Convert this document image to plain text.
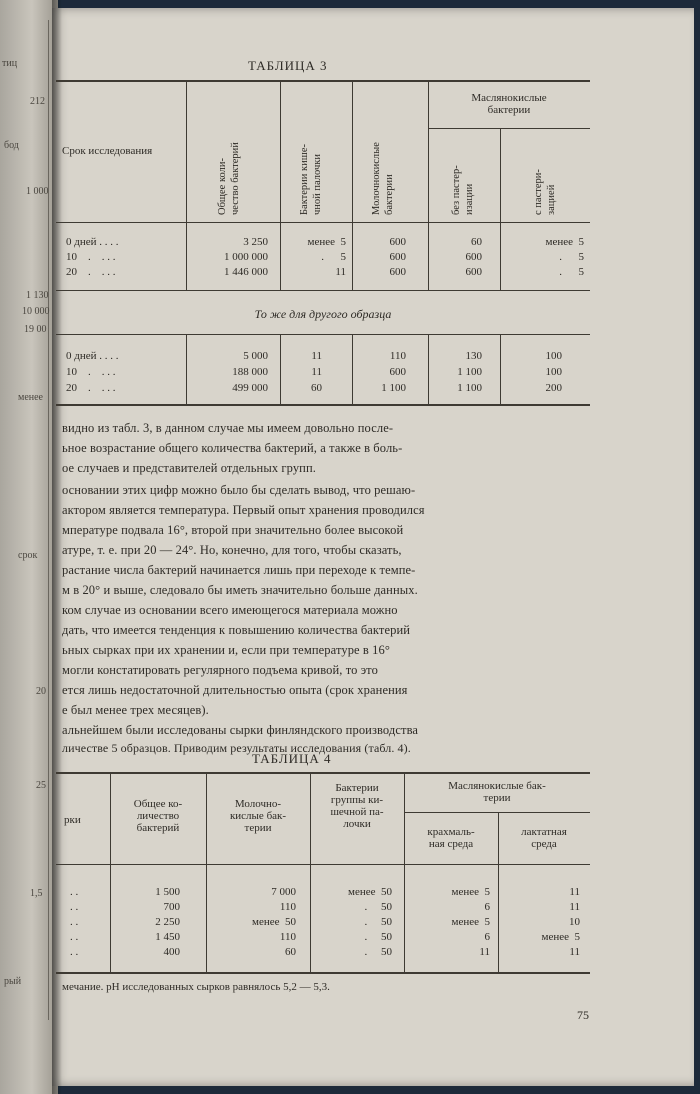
тиц
212
бод
1 000
1 130
10 000
19 00
менее
срок
20
25
1,5
рый
ТАБЛИЦА 3
Срок исследования
Общее коли-
чество бактерий
Бактерии кише-
чной палочки	Молочнокислые
бактерии
Маслянокислые
бактерии
без пастер-
изации	с пастери-
зацией
0 дней . . . .
10    .    . . .
20    .    . . .
3 250
1 000 000
1 446 000
менее  5
.      5
11
600
600
600
60
600
600
менее  5
.      5
.      5
То же для другого образца
0 дней . . . .
10    .    . . .
20    .    . . .
5 000
188 000
499 000
11
11
60
110
600
1 100
130
1 100
1 100
100
100
200
видно из табл. 3, в данном случае мы имеем довольно после-
ьное возрастание общего количества бактерий, а также в боль-
ое случаев и представителей отдельных групп.
основании этих цифр можно было бы сделать вывод, что решаю-
актором является температура. Первый опыт хранения проводился
мпературе подвала 16°, второй при значительно более высокой
атуре, т. е. при 20 — 24°. Но, конечно, для того, чтобы сказать,
растание числа бактерий начинается лишь при переходе к темпе-
м в 20° и выше, следовало бы иметь значительно больше данных.
ком случае из основании всего имеющегося материала можно
дать, что имеется тенденция к повышению количества бактерий
ьных сырках при их хранении и, если при температуре в 16°
могли констатировать регулярного подъема кривой, то это
ется лишь недостаточной длительностью опыта (срок хранения
е был менее трех месяцев).
альнейшем были исследованы сырки финляндского производства
личестве 5 образцов. Приводим результаты исследования (табл. 4).
ТАБЛИЦА 4
рки
Общее ко-
личество
бактерий
Молочно-
кислые бак-
терии
Бактерии
группы ки-
шечной па-
лочки
Маслянокислые бак-
терии
крахмаль-
ная среда
лактатная
среда
. .
. .
. .
. .
. .
1 500
700
2 250
1 450
400
7 000
110
менее  50
110
60
менее  50
.     50
.     50
.     50
.     50
менее  5
6
менее  5
6
11
11
11
10
менее  5
11
мечание. pH исследованных сырков равнялось 5,2 — 5,3.
75
